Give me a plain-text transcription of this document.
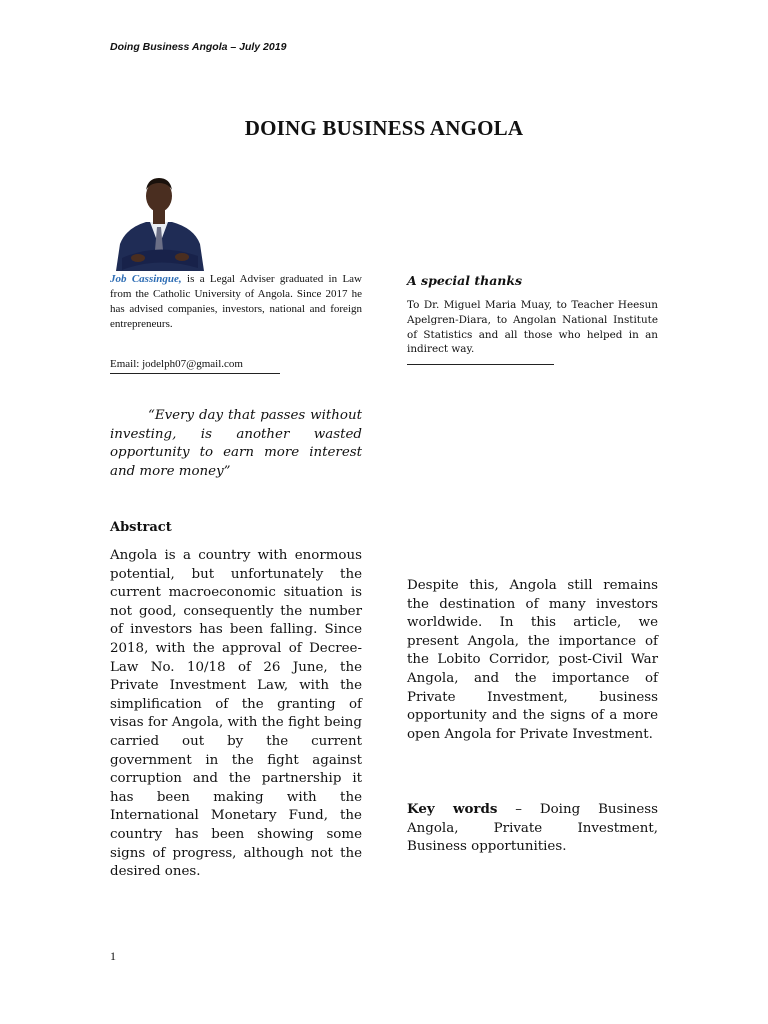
Doing Business Angola – July 2019
DOING BUSINESS ANGOLA
Job Cassingue, is a Legal Adviser graduated in Law from the Catholic University of Angola. Since 2017 he has advised companies, investors, national and foreign entrepreneurs.
Email: jodelph07@gmail.com
A special thanks
To Dr. Miguel Maria Muay, to Teacher Heesun Apelgren-Diara, to Angolan National Institute of Statistics and all those who helped in an indirect way.
“Every day that passes without investing, is another wasted opportunity to earn more interest and more money”
Abstract
Angola is a country with enormous potential, but unfortunately the current macroeconomic situation is not good, consequently the number of investors has been falling. Since 2018, with the approval of Decree-Law No. 10/18 of 26 June, the Private Investment Law, with the simplification of the granting of visas for Angola, with the fight being carried out by the current government in the fight against corruption and the partnership it has been making with the International Monetary Fund, the country has been showing some signs of progress, although not the desired ones.
Despite this, Angola still remains the destination of many investors worldwide. In this article, we present Angola, the importance of the Lobito Corridor, post-Civil War Angola, and the importance of Private Investment, business opportunity and the signs of a more open Angola for Private Investment.
Key words – Doing Business Angola, Private Investment, Business opportunities.
1
